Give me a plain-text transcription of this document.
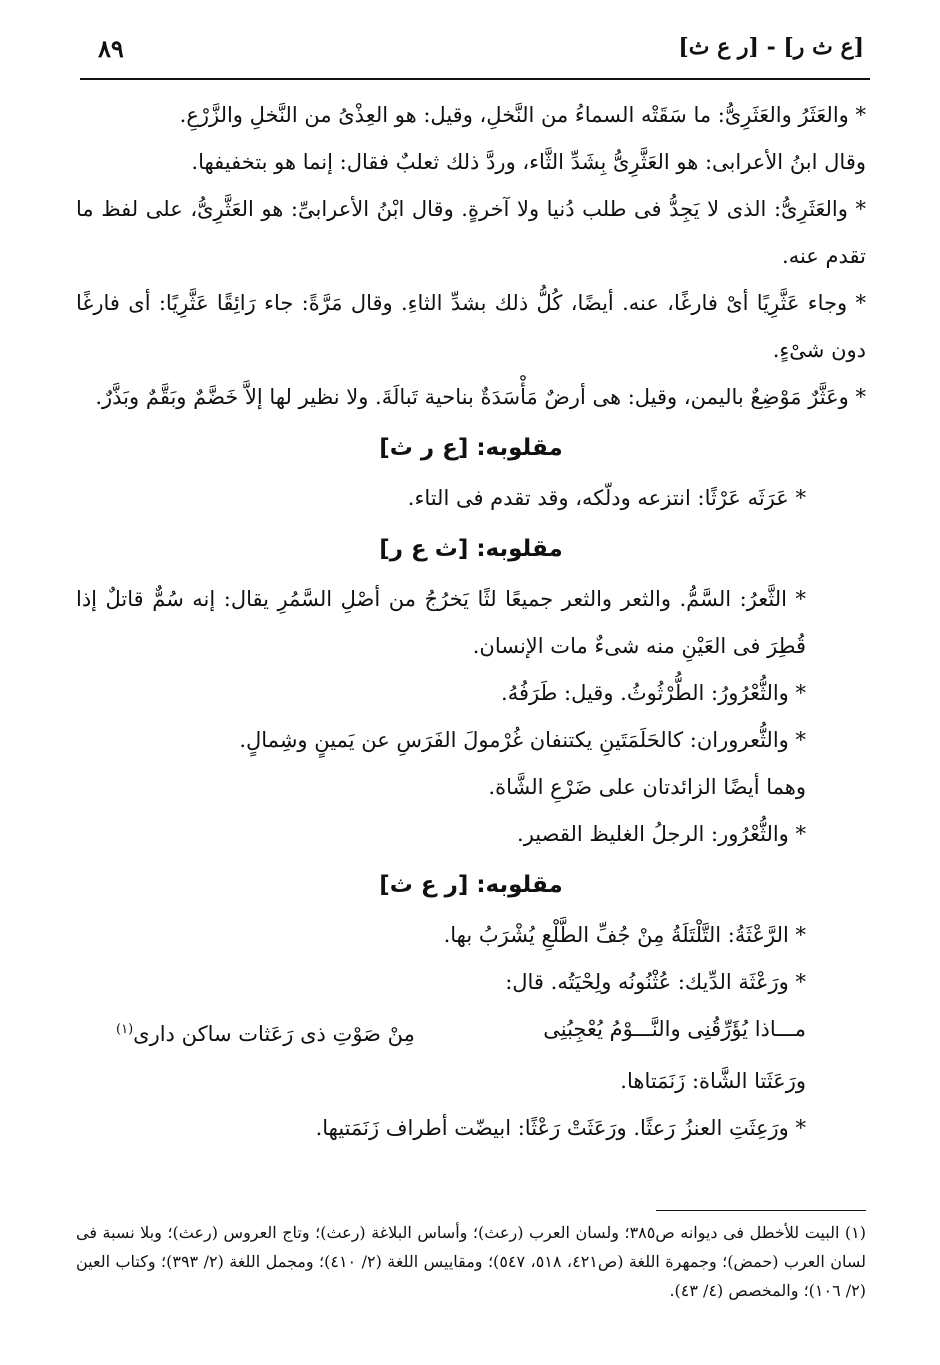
[ع ث ر] - [ر ع ث]
٨٩

* والعَثَرُ والعَثَرِىُّ: ما سَقَتْه السماءُ من النَّخلِ، وقيل: هو العِذْىُ من النَّخلِ والزَّرْعِ.

وقال ابنُ الأعرابى: هو العَثَّرِىُّ بِشَدِّ الثَّاء، وردَّ ذلك ثعلبٌ فقال: إنما هو بتخفيفها.

* والعَثَرِىُّ: الذى لا يَجِدُّ فى طلب دُنيا ولا آخرةٍ. وقال ابْنُ الأعرابىِّ: هو العَثَّرِىُّ، على لفظ ما تقدم عنه.

* وجاء عَثَّرِيًا أىْ فارغًا، عنه. أيضًا، كُلُّ ذلك بشدِّ الثاءِ. وقال مَرَّةً: جاء رَائِقًا عَثَّرِيًا: أى فارغًا دون شىْءٍ.

* وعَثَّرٌ مَوْضِعٌ باليمن، وقيل: هى أرضٌ مَأْسَدَةٌ بناحية تَبالَةَ. ولا نظير لها إلاَّ خَضَّمٌ وبَقَّمٌ وبَذَّرٌ.

مقلوبه: [ع ر ث]

* عَرَثَه عَرْثًا: انتزعه ودلّكه، وقد تقدم فى التاء.

مقلوبه: [ث ع ر]

* الثَّعرُ: السَّمُّ. والثعر والثعر جميعًا لثًا يَخرُجُ من أصْلِ السَّمُرِ يقال: إنه سُمٌّ قاتلٌ إذا قُطِرَ فى العَيْنِ منه شىءٌ مات الإنسان.

* والثُّعْرُورُ: الطُّرْثُوثُ. وقيل: طَرَفُهُ.

* والثُّعروران: كالحَلَمَتَينِ يكتنفان غُرْمولَ الفَرَسِ عن يَمينٍ وشِمالٍ.

وهما أيضًا الزائدتان على ضَرْعِ الشَّاة.

* والثُّعْرُور: الرجلُ الغليظ القصير.

مقلوبه: [ر ع ث]

* الرَّعْثَةُ: التَّلْتَلَةُ مِنْ جُفِّ الطَّلْعِ يُشْرَبُ بها.

* ورَعْثَة الدِّيك: عُثْنُونُه ولِحْيَتُه. قال:

مـــاذا يُؤَرِّقُنِى والنَّـــوْمُ يُعْجِبُنِى
مِنْ صَوْتِ ذى رَعَثات ساكن دارى$^{(١)}$

ورَعَثَتا الشَّاة: زَنَمَتاها.

* ورَعِثَتِ العنزُ رَعثًا. ورَعَثَتْ رَعْثًا: ابيضّت أطراف زَنَمَتيها.

(١) البيت للأخطل فى ديوانه ص٣٨٥؛ ولسان العرب (رعث)؛ وأساس البلاغة (رعث)؛ وتاج العروس (رعث)؛ وبلا نسبة فى لسان العرب (حمض)؛ وجمهرة اللغة (ص٤٢١، ٥١٨، ٥٤٧)؛ ومقاييس اللغة (٢/ ٤١٠)؛ ومجمل اللغة (٢/ ٣٩٣)؛ وكتاب العين (٢/ ١٠٦)؛ والمخصص (٤/ ٤٣).
